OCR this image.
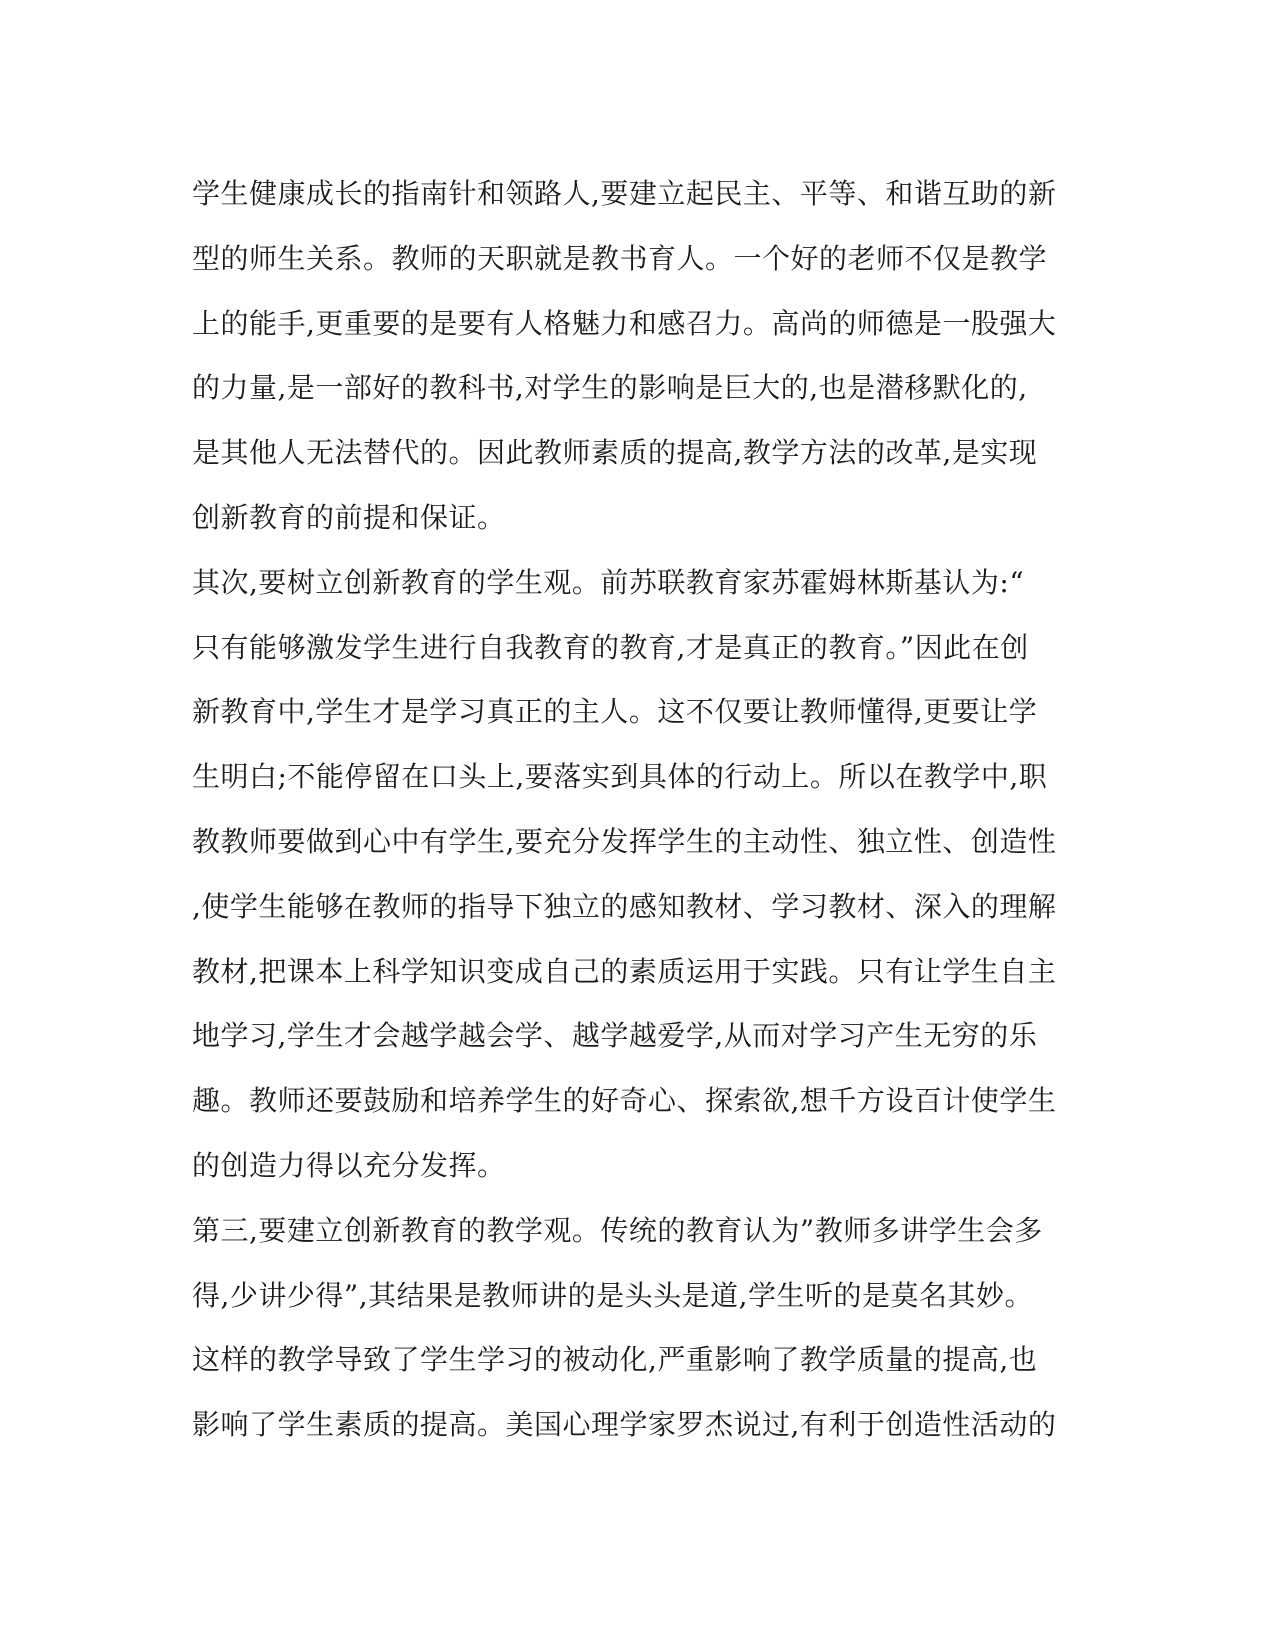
学生健康成长的指南针和领路人,要建立起民主、平等、和谐互助的新
型的师生关系。教师的天职就是教书育人。一个好的老师不仅是教学
上的能手,更重要的是要有人格魅力和感召力。高尚的师德是一股强大
的力量,是一部好的教科书,对学生的影响是巨大的,也是潜移默化的,
是其他人无法替代的。因此教师素质的提高,教学方法的改革,是实现
创新教育的前提和保证。
其次,要树立创新教育的学生观。前苏联教育家苏霍姆林斯基认为:“
只有能够激发学生进行自我教育的教育,才是真正的教育。”因此在创
新教育中,学生才是学习真正的主人。这不仅要让教师懂得,更要让学
生明白;不能停留在口头上,要落实到具体的行动上。所以在教学中,职
教教师要做到心中有学生,要充分发挥学生的主动性、独立性、创造性
,使学生能够在教师的指导下独立的感知教材、学习教材、深入的理解
教材,把课本上科学知识变成自己的素质运用于实践。只有让学生自主
地学习,学生才会越学越会学、越学越爱学,从而对学习产生无穷的乐
趣。教师还要鼓励和培养学生的好奇心、探索欲,想千方设百计使学生
的创造力得以充分发挥。
第三,要建立创新教育的教学观。传统的教育认为”教师多讲学生会多
得,少讲少得”,其结果是教师讲的是头头是道,学生听的是莫名其妙。
这样的教学导致了学生学习的被动化,严重影响了教学质量的提高,也
影响了学生素质的提高。美国心理学家罗杰说过,有利于创造性活动的
